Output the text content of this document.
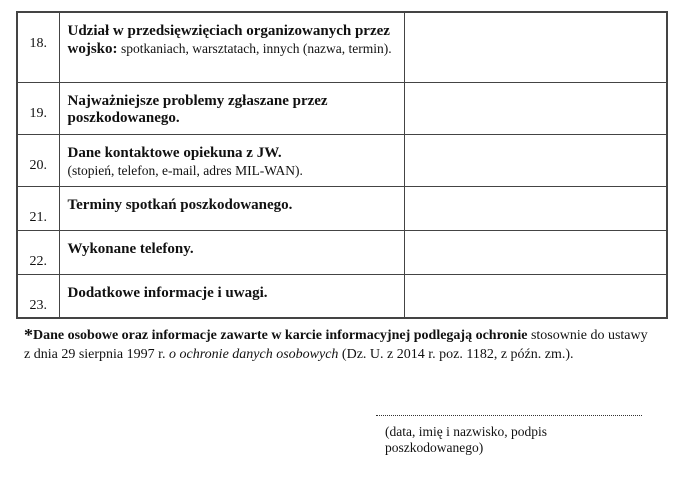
18.	Udział w przedsięwzięciach organizowanych przez wojsko: spotkaniach, warsztatach, innych (nazwa, termin).	
19.	Najważniejsze problemy zgłaszane przez poszkodowanego.	
20.	Dane kontaktowe opiekuna z JW.
(stopień, telefon, e-mail, adres MIL-WAN).	
21.	Terminy spotkań poszkodowanego.	
22.	Wykonane telefony.	
23.	Dodatkowe informacje i uwagi.	
*Dane osobowe oraz informacje zawarte w karcie informacyjnej podlegają ochronie stosownie do ustawy z dnia 29 sierpnia 1997 r. o ochronie danych osobowych (Dz. U. z 2014 r. poz. 1182, z późn. zm.).
(data, imię i nazwisko, podpis poszkodowanego)
